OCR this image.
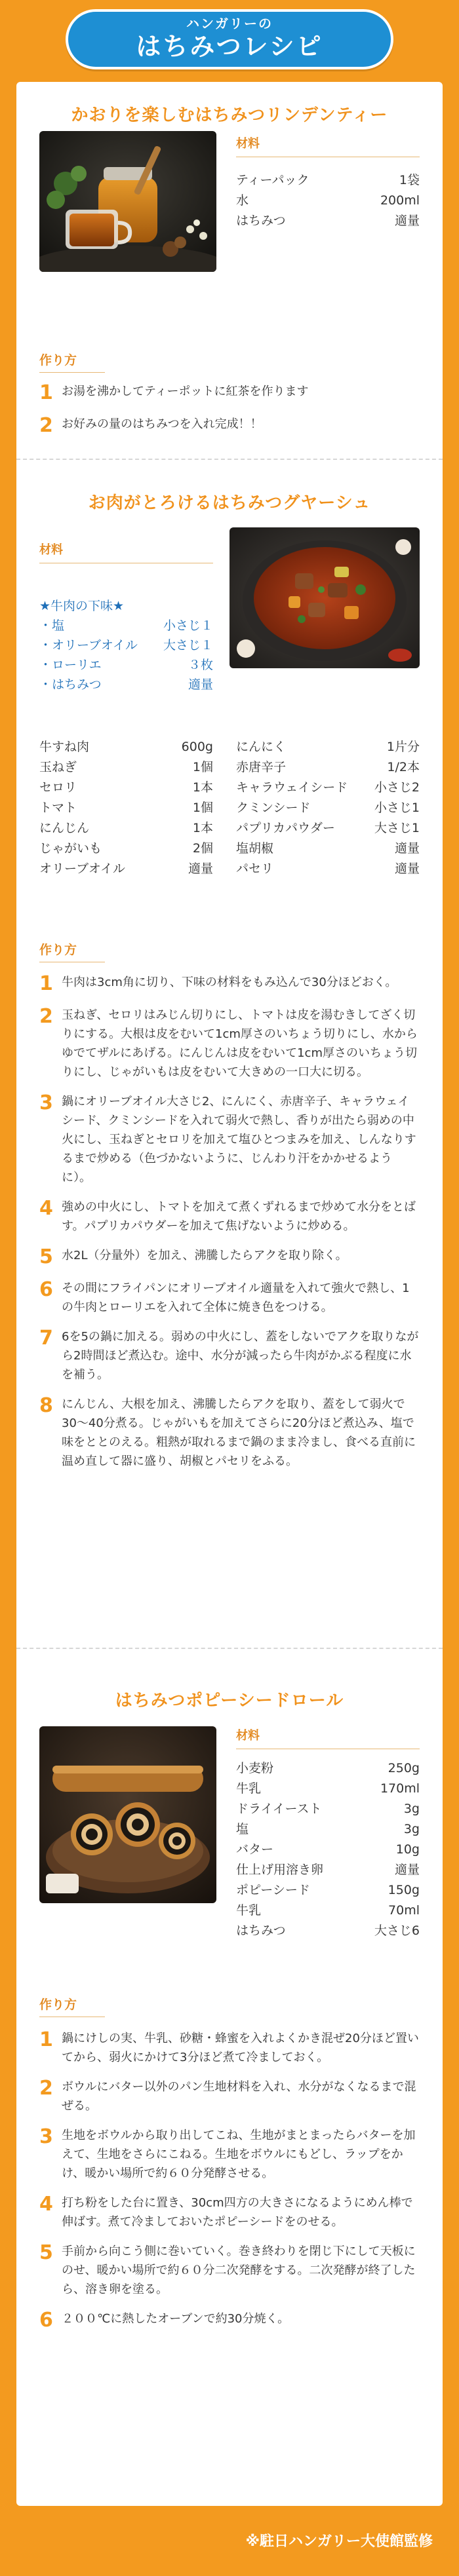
ハンガリーの
はちみつレシピ
かおりを楽しむはちみつリンデンティー
材料
ティーパック	1袋
水	200ml
はちみつ	適量
作り方
1 お湯を沸かしてティーポットに紅茶を作ります
2 お好みの量のはちみつを入れ完成！！
お肉がとろけるはちみつグヤーシュ
材料
★牛肉の下味★
・塩	小さじ１
・オリーブオイル 大さじ１
・ローリエ	３枚
・はちみつ	適量
牛すね肉	600g
玉ねぎ	1個
セロリ	1本
トマト	1個
にんじん	1本
じゃがいも	2個
オリーブオイル	適量
にんにく	1片分
赤唐辛子	1/2本
キャラウェイシード 小さじ2
クミンシード	小さじ1
パプリカパウダー	大さじ1
塩胡椒	適量
パセリ	適量
作り方
1 牛肉は3cm角に切り、下味の材料をもみ込んで30分ほどおく。
2 玉ねぎ、セロリはみじん切りにし、トマトは皮を湯むきしてざく切りにする。大根は皮をむいて1cm厚さのいちょう切りにし、水からゆでてザルにあげる。にんじんは皮をむいて1cm厚さのいちょう切りにし、じゃがいもは皮をむいて大きめの一口大に切る。
3 鍋にオリーブオイル大さじ2、にんにく、赤唐辛子、キャラウェイシード、クミンシードを入れて弱火で熱し、香りが出たら弱めの中火にし、玉ねぎとセロリを加えて塩ひとつまみを加え、しんなりするまで炒める（色づかないように、じんわり汗をかかせるように）。
4 強めの中火にし、トマトを加えて煮くずれるまで炒めて水分をとばす。パプリカパウダーを加えて焦げないように炒める。
5 水2L（分量外）を加え、沸騰したらアクを取り除く。
6 その間にフライパンにオリーブオイル適量を入れて強火で熱し、1の牛肉とローリエを入れて全体に焼き色をつける。
7 6を5の鍋に加える。弱めの中火にし、蓋をしないでアクを取りながら2時間ほど煮込む。途中、水分が減ったら牛肉がかぶる程度に水を補う。
8 にんじん、大根を加え、沸騰したらアクを取り、蓋をして弱火で30〜40分煮る。じゃがいもを加えてさらに20分ほど煮込み、塩で味をととのえる。粗熱が取れるまで鍋のまま冷まし、食べる直前に温め直して器に盛り、胡椒とパセリをふる。
はちみつポピーシードロール
材料
小麦粉	250g
牛乳	170ml
ドライイースト	3g
塩	3g
バター	10g
仕上げ用溶き卵	適量
ポピーシード	150g
牛乳	70ml
はちみつ	大さじ6
作り方
1 鍋にけしの実、牛乳、砂糖・蜂蜜を入れよくかき混ぜ20分ほど置いてから、弱火にかけて3分ほど煮て冷ましておく。
2 ボウルにバター以外のパン生地材料を入れ、水分がなくなるまで混ぜる。
3 生地をボウルから取り出してこね、生地がまとまったらバターを加えて、生地をさらにこねる。生地をボウルにもどし、ラップをかけ、暖かい場所で約６０分発酵させる。
4 打ち粉をした台に置き、30cm四方の大きさになるようにめん棒で伸ばす。煮て冷ましておいたポピーシードをのせる。
5 手前から向こう側に巻いていく。巻き終わりを閉じ下にして天板にのせ、暖かい場所で約６０分二次発酵をする。二次発酵が終了したら、溶き卵を塗る。
6 ２００℃に熱したオーブンで約30分焼く。
※駐日ハンガリー大使館監修
